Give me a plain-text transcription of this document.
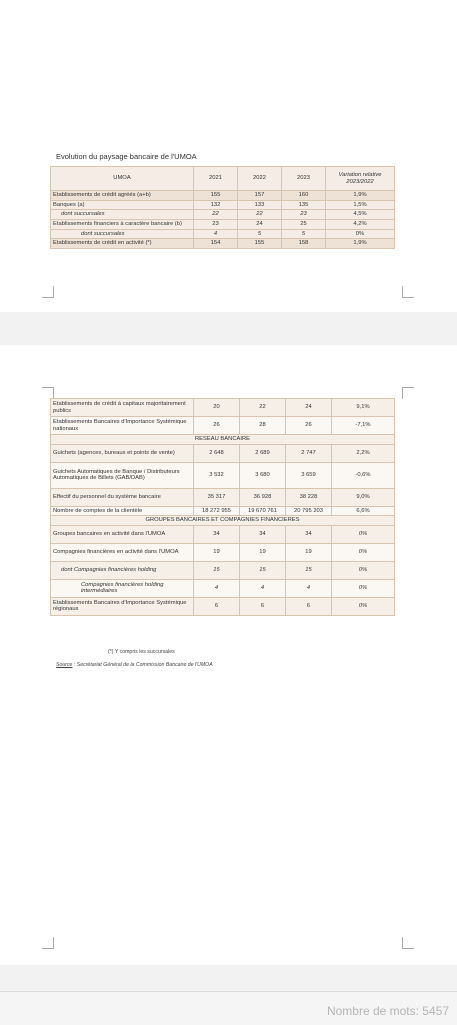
Evolution du paysage bancaire de l'UMOA
UMOA	2021	2022	2023	Variation relative 2023/2022
Etablissements de crédit agréés (a+b)	155	157	160	1,9%
Banques (a)	132	133	135	1,5%
dont succursales	22	22	23	4,5%
Etablissements financiers à caractère bancaire (b)	23	24	25	4,2%
dont succursales	4	5	5	0%
Etablissements de crédit en activité (*)	154	155	158	1,9%
Etablissements de crédit à capitaux majoritairement publics	20	22	24	9,1%
Etablissements Bancaires d'Importance Systémique nationaux	26	28	26	-7,1%
RESEAU BANCAIRE				
Guichets (agences, bureaux et points de vente)	2 648	2 689	2 747	2,2%
Guichets Automatiques de Banque / Distributeurs Automatiques de Billets (GAB/DAB)	3 532	3 680	3 659	-0,6%
Effectif du personnel du système bancaire	35 317	36 928	38 228	9,0%
Nombre de comptes de la clientèle	18 272 955	19 670 761	20 795 203	6,6%
GROUPES BANCAIRES ET COMPAGNIES FINANCIERES				
Groupes bancaires en activité dans l'UMOA	34	34	34	0%
Compagnies financières en activité dans l'UMOA	19	19	19	0%
dont Compagnies financières holding	15	15	15	0%
Compagnies financières holding intermédiaires	4	4	4	0%
Etablissements Bancaires d'Importance Systémique régionaux	6	6	6	0%
(*) Y compris les succursales
Source : Secrétariat Général de la Commission Bancaire de l'UMOA
Nombre de mots: 5457
